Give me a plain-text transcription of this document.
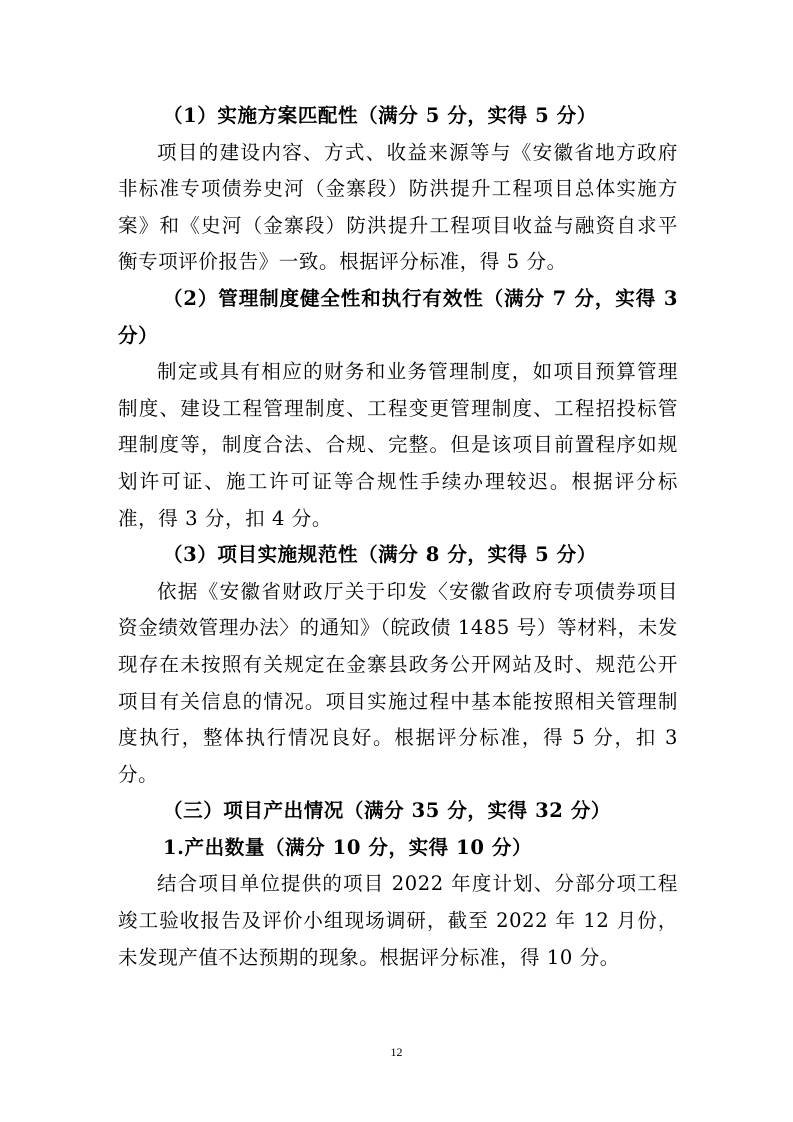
（1）实施方案匹配性（满分 5 分，实得 5 分）

项目的建设内容、方式、收益来源等与《安徽省地方政府非标准专项债券史河（金寨段）防洪提升工程项目总体实施方案》和《史河（金寨段）防洪提升工程项目收益与融资自求平衡专项评价报告》一致。根据评分标准，得 5 分。

（2）管理制度健全性和执行有效性（满分 7 分，实得 3 分）

制定或具有相应的财务和业务管理制度，如项目预算管理制度、建设工程管理制度、工程变更管理制度、工程招投标管理制度等，制度合法、合规、完整。但是该项目前置程序如规划许可证、施工许可证等合规性手续办理较迟。根据评分标准，得 3 分，扣 4 分。

（3）项目实施规范性（满分 8 分，实得 5 分）

依据《安徽省财政厅关于印发〈安徽省政府专项债券项目资金绩效管理办法〉的通知》（皖政债 1485 号）等材料，未发现存在未按照有关规定在金寨县政务公开网站及时、规范公开项目有关信息的情况。项目实施过程中基本能按照相关管理制度执行，整体执行情况良好。根据评分标准，得 5 分，扣 3 分。

（三）项目产出情况（满分 35 分，实得 32 分）

1.产出数量（满分 10 分，实得 10 分）

结合项目单位提供的项目 2022 年度计划、分部分项工程竣工验收报告及评价小组现场调研，截至 2022 年 12 月份，未发现产值不达预期的现象。根据评分标准，得 10 分。

12
